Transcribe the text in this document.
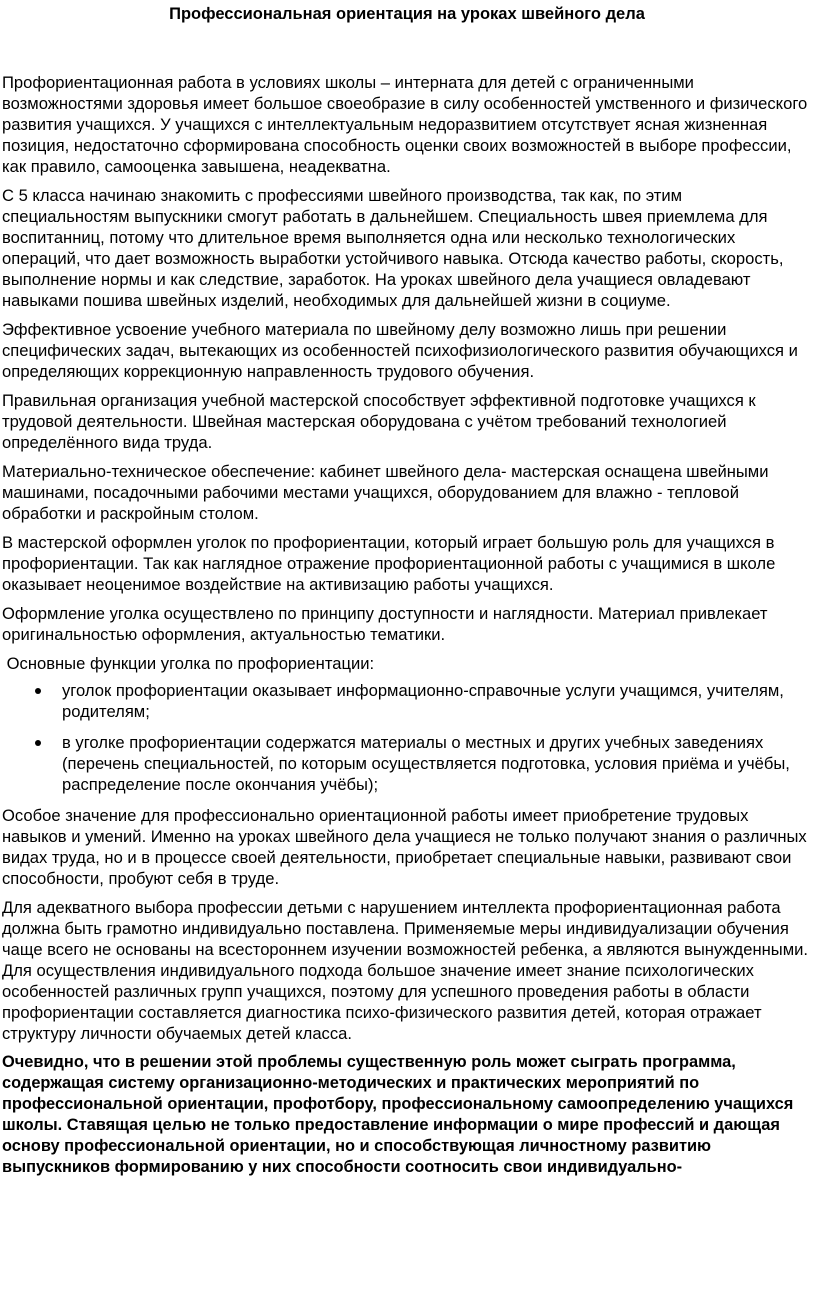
Профессиональная ориентация на уроках швейного дела

Профориентационная работа в условиях школы – интерната для детей с ограниченными возможностями здоровья имеет большое своеобразие в силу особенностей умственного и физического развития учащихся. У учащихся с интеллектуальным недоразвитием отсутствует ясная жизненная позиция, недостаточно сформирована способность оценки своих возможностей в выборе профессии, как правило, самооценка завышена, неадекватна.

С 5 класса начинаю знакомить с профессиями швейного производства, так как, по этим специальностям выпускники смогут работать в дальнейшем. Специальность швея приемлема для воспитанниц, потому что длительное время выполняется одна или несколько технологических операций, что дает возможность выработки устойчивого навыка. Отсюда качество работы, скорость, выполнение нормы и как следствие, заработок. На уроках швейного дела учащиеся овладевают навыками пошива швейных изделий, необходимых для дальнейшей жизни в социуме.

Эффективное усвоение учебного материала по швейному делу возможно лишь при решении специфических задач, вытекающих из особенностей психофизиологического развития обучающихся и определяющих коррекционную направленность трудового обучения.

Правильная организация учебной мастерской способствует эффективной подготовке учащихся к трудовой деятельности. Швейная мастерская оборудована с учётом требований технологией определённого вида труда.

Материально-техническое обеспечение: кабинет швейного дела- мастерская оснащена швейными машинами, посадочными рабочими местами учащихся, оборудованием для влажно - тепловой обработки и раскройным столом.

В мастерской оформлен уголок по профориентации, который играет большую роль для учащихся в профориентации. Так как наглядное отражение профориентационной работы с учащимися в школе оказывает неоценимое воздействие на активизацию работы учащихся.

Оформление уголка осуществлено по принципу доступности и наглядности. Материал привлекает оригинальностью оформления, актуальностью тематики.

Основные функции уголка по профориентации:

уголок профориентации оказывает информационно-справочные услуги учащимся, учителям, родителям;
в уголке профориентации содержатся материалы о местных и других учебных заведениях (перечень специальностей, по которым осуществляется подготовка, условия приёма и учёбы, распределение после окончания учёбы);

Особое значение для профессионально ориентационной работы имеет приобретение трудовых навыков и умений. Именно на уроках швейного дела учащиеся не только получают знания о различных видах труда, но и в процессе своей деятельности, приобретает специальные навыки, развивают свои способности, пробуют себя в труде.

Для адекватного выбора профессии детьми с нарушением интеллекта профориентационная работа должна быть грамотно индивидуально поставлена. Применяемые меры индивидуализации обучения чаще всего не основаны на всестороннем изучении возможностей ребенка, а являются вынужденными. Для осуществления индивидуального подхода большое значение имеет знание психологических особенностей различных групп учащихся, поэтому для успешного проведения работы в области профориентации составляется диагностика психо-физического развития детей, которая отражает структуру личности обучаемых детей класса.

Очевидно, что в решении этой проблемы существенную роль может сыграть программа, содержащая систему организационно-методических и практических мероприятий по профессиональной ориентации, профотбору, профессиональному самоопределению учащихся школы. Ставящая целью не только предоставление информации о мире профессий и дающая основу профессиональной ориентации, но и способствующая личностному развитию выпускников формированию у них способности соотносить свои индивидуально-
